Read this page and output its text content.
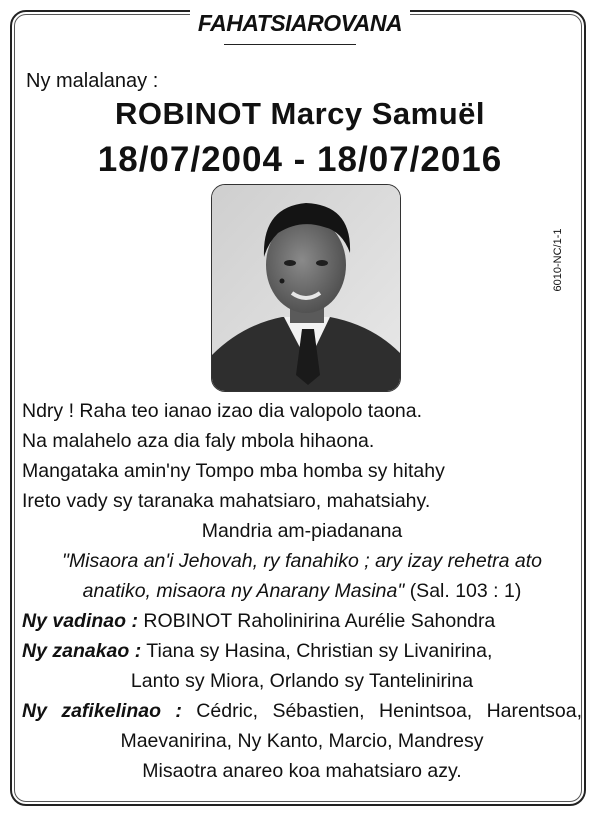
FAHATSIAROVANA
6010-NC/1-1
Ny malalanay :
ROBINOT Marcy Samuël
18/07/2004 - 18/07/2016
Ndry ! Raha teo ianao izao dia valopolo taona.
Na malahelo aza dia faly mbola hihaona.
Mangataka amin'ny Tompo mba homba sy hitahy
Ireto vady sy taranaka mahatsiaro, mahatsiahy.
Mandria am-piadanana
"Misaora an'i Jehovah, ry fanahiko ; ary izay rehetra ato
anatiko, misaora ny Anarany Masina" (Sal. 103 : 1)
Ny vadinao : ROBINOT Raholinirina Aurélie Sahondra
Ny zanakao : Tiana sy Hasina, Christian sy Livanirina,
Lanto sy Miora, Orlando sy Tantelinirina
Ny zafikelinao : Cédric, Sébastien, Henintsoa, Harentsoa,
Maevanirina, Ny Kanto, Marcio, Mandresy
Misaotra anareo koa mahatsiaro azy.
